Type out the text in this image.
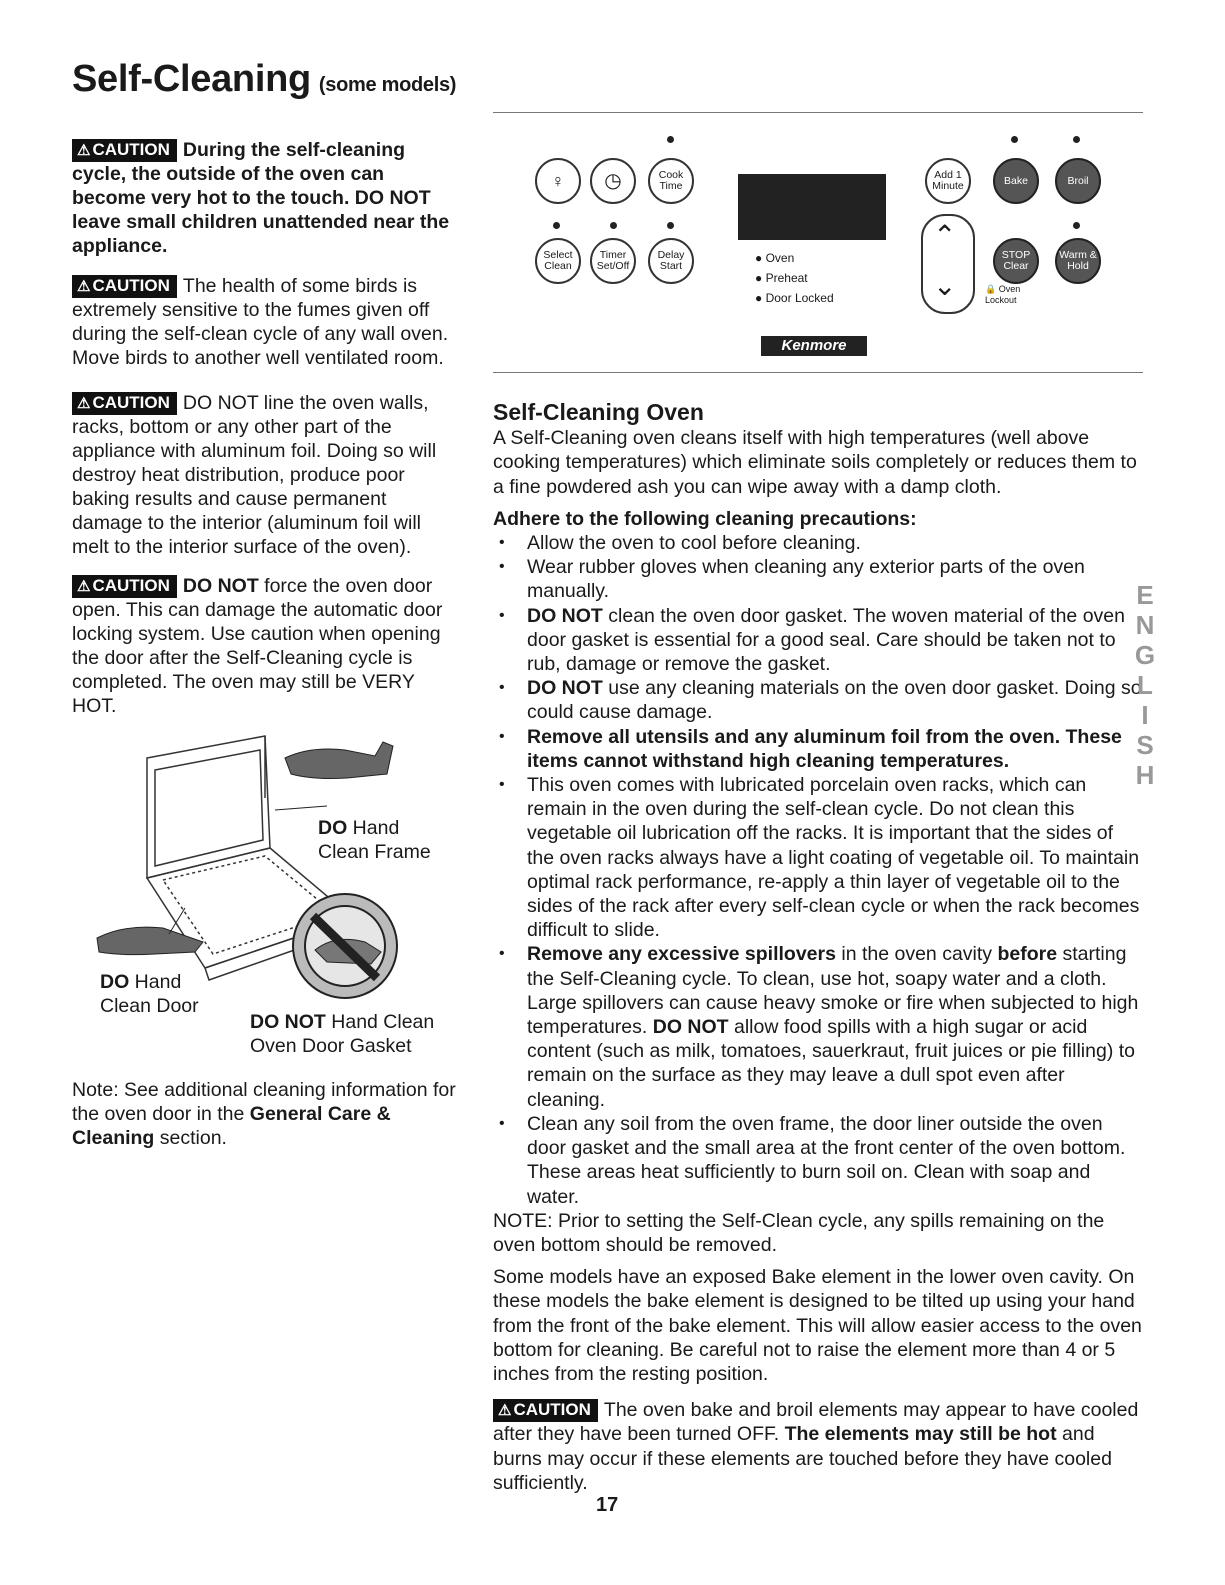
Self-Cleaning (some models)

⚠ CAUTION During the self-cleaning cycle, the outside of the oven can become very hot to the touch. DO NOT leave small children unattended near the appliance.

⚠ CAUTION The health of some birds is extremely sensitive to the fumes given off during the self-clean cycle of any wall oven. Move birds to another well ventilated room.

⚠ CAUTION DO NOT line the oven walls, racks, bottom or any other part of the appliance with aluminum foil. Doing so will destroy heat distribution, produce poor baking results and cause permanent damage to the interior (aluminum foil will melt to the interior surface of the oven).

⚠ CAUTION DO NOT force the oven door open. This can damage the automatic door locking system. Use caution when opening the door after the Self-Cleaning cycle is completed. The oven may still be VERY HOT.

DO Hand
Clean Frame
DO Hand
Clean Door
DO NOT Hand Clean
Oven Door Gasket

Note: See additional cleaning information for the oven door in the General Care & Cleaning section.

♀ ◷	Cook Time
Select Clean
Timer Set/Off
Delay Start
● Oven
● Preheat
● Door Locked
Add 1 Minute	Bake	Broil
⌃
⌄
STOP Clear
Warm & Hold
🔒 Oven Lockout
Kenmore
Self-Cleaning Oven

A Self-Cleaning oven cleans itself with high temperatures (well above cooking temperatures) which eliminate soils completely or reduces them to a fine powdered ash you can wipe away with a damp cloth.

Adhere to the following cleaning precautions:

• Allow the oven to cool before cleaning.
• Wear rubber gloves when cleaning any exterior parts of the oven manually.
• DO NOT clean the oven door gasket. The woven material of the oven door gasket is essential for a good seal. Care should be taken not to rub, damage or remove the gasket.
• DO NOT use any cleaning materials on the oven door gasket. Doing so could cause damage.
• Remove all utensils and any aluminum foil from the oven. These items cannot withstand high cleaning temperatures.
• This oven comes with lubricated porcelain oven racks, which can remain in the oven during the self-clean cycle. Do not clean this vegetable oil lubrication off the racks. It is important that the sides of the oven racks always have a light coating of vegetable oil. To maintain optimal rack performance, re-apply a thin layer of vegetable oil to the sides of the rack after every self-clean cycle or when the rack becomes difficult to slide.
• Remove any excessive spillovers in the oven cavity before starting the Self-Cleaning cycle. To clean, use hot, soapy water and a cloth. Large spillovers can cause heavy smoke or fire when subjected to high temperatures. DO NOT allow food spills with a high sugar or acid content (such as milk, tomatoes, sauerkraut, fruit juices or pie filling) to remain on the surface as they may leave a dull spot even after cleaning.
• Clean any soil from the oven frame, the door liner outside the oven door gasket and the small area at the front center of the oven bottom. These areas heat sufficiently to burn soil on. Clean with soap and water.

NOTE: Prior to setting the Self-Clean cycle, any spills remaining on the oven bottom should be removed.

Some models have an exposed Bake element in the lower oven cavity. On these models the bake element is designed to be tilted up using your hand from the front of the bake element. This will allow easier access to the oven bottom for cleaning. Be careful not to raise the element more than 4 or 5 inches from the resting position.

⚠ CAUTION The oven bake and broil elements may appear to have cooled after they have been turned OFF. The elements may still be hot and burns may occur if these elements are touched before they have cooled sufficiently.

E
N
G
L
I
S
H
17
